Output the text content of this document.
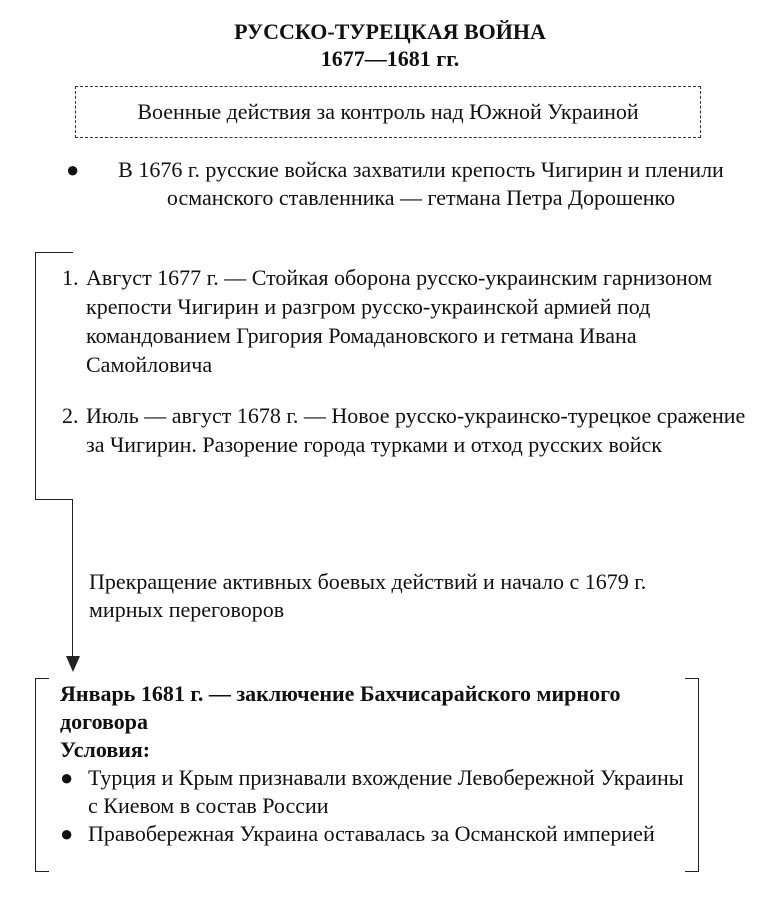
РУССКО-ТУРЕЦКАЯ ВОЙНА
1677—1681 гг.
Военные действия за контроль над Южной Украиной
●	В 1676 г. русские войска захватили крепость Чигирин и пленили османского ставленника — гетмана Петра Дорошенко
1. Август 1677 г. — Стойкая оборона русско-украинским гарнизоном крепости Чигирин и разгром русско-украинской армией под командованием Григория Ромадановского и гетмана Ивана Самойловича
2. Июль — август 1678 г. — Новое русско-украинско-турецкое сражение за Чигирин. Разорение города турками и отход русских войск
Прекращение активных боевых действий и начало с 1679 г. мирных переговоров
Январь 1681 г. — заключение Бахчисарайского мирного договора
Условия:
● Турция и Крым признавали вхождение Левобережной Украины с Киевом в состав России
● Правобережная Украина оставалась за Османской империей
